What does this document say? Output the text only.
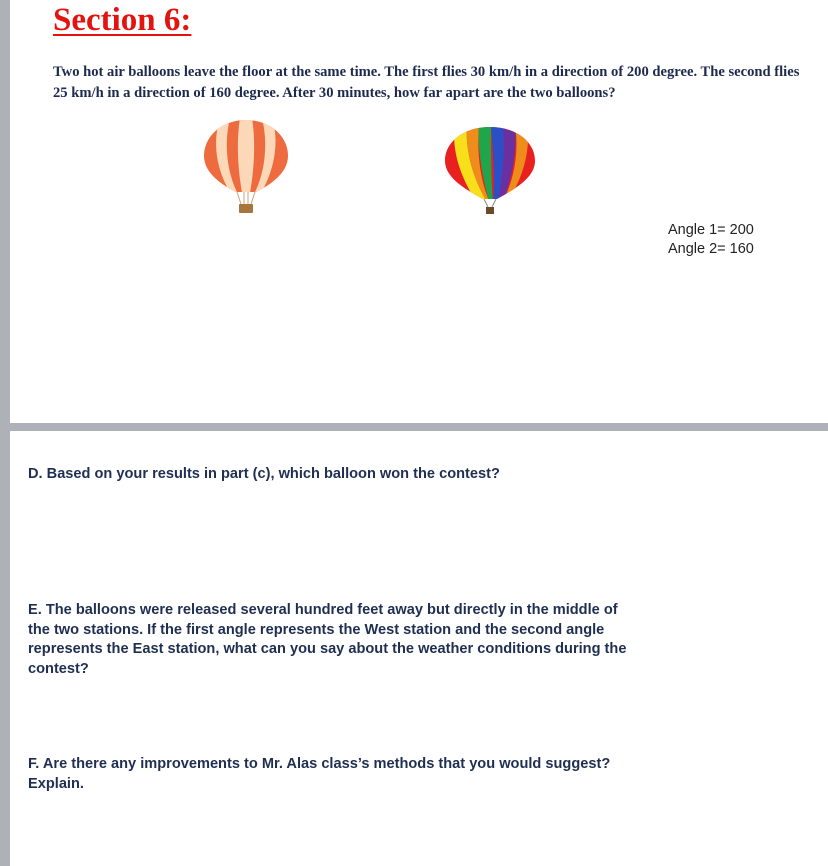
Section 6:

Two hot air balloons leave the floor at the same time. The first flies 30 km/h in a direction of 200 degree. The second flies 25 km/h in a direction of 160 degree. After 30 minutes, how far apart are the two balloons?

Angle 1= 200
Angle 2= 160

D. Based on your results in part (c), which balloon won the contest?

E. The balloons were released several hundred feet away but directly in the middle of the two stations. If the first angle represents the West station and the second angle represents the East station, what can you say about the weather conditions during the contest?

F. Are there any improvements to Mr. Alas class’s methods that you would suggest? Explain.
